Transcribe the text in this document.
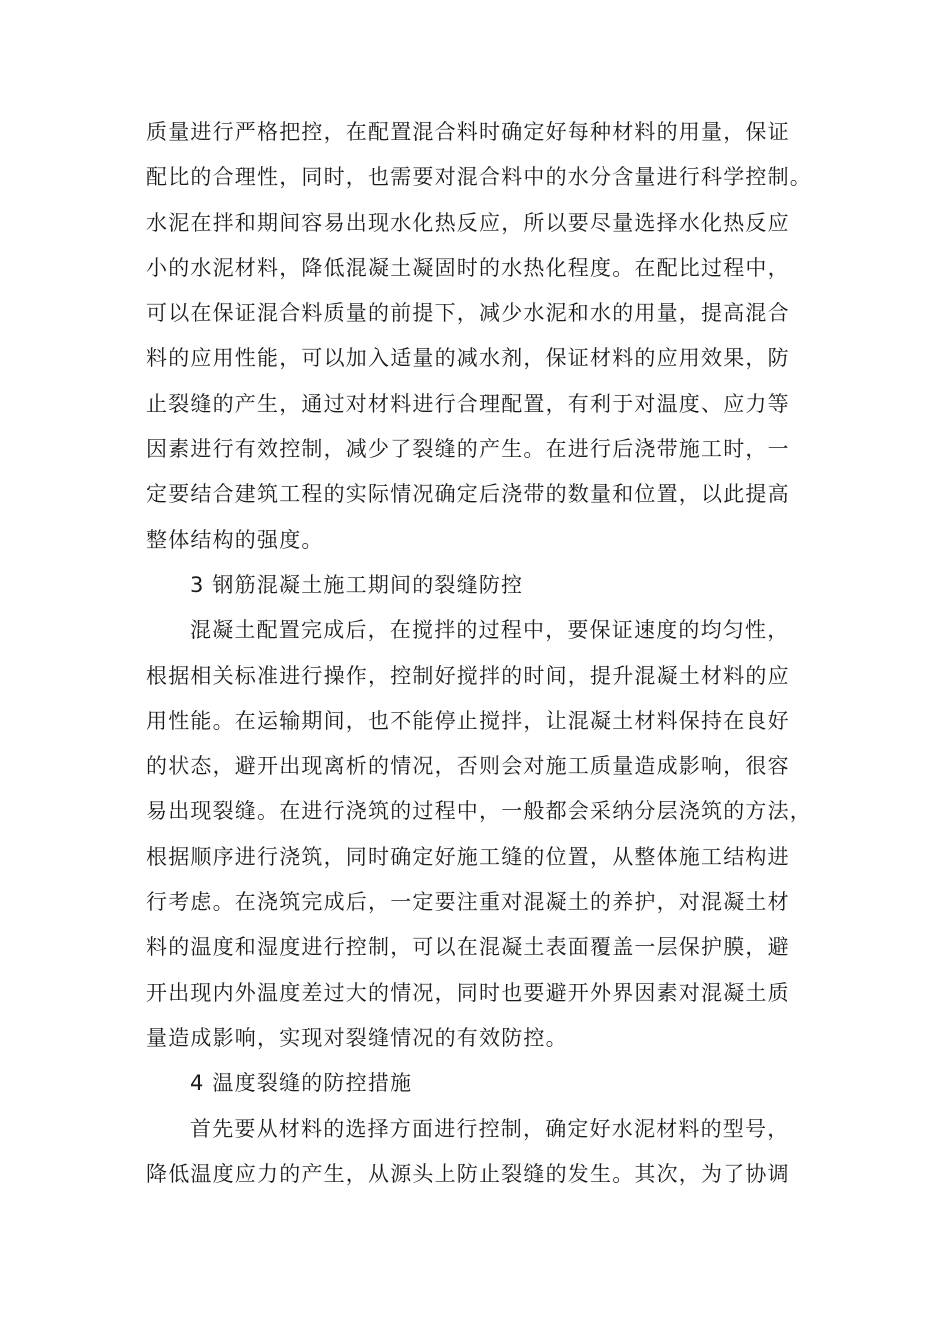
质量进行严格把控，在配置混合料时确定好每种材料的用量，保证
配比的合理性，同时，也需要对混合料中的水分含量进行科学控制。
水泥在拌和期间容易出现水化热反应，所以要尽量选择水化热反应
小的水泥材料，降低混凝土凝固时的水热化程度。在配比过程中，
可以在保证混合料质量的前提下，减少水泥和水的用量，提高混合
料的应用性能，可以加入适量的减水剂，保证材料的应用效果，防
止裂缝的产生，通过对材料进行合理配置，有利于对温度、应力等
因素进行有效控制，减少了裂缝的产生。在进行后浇带施工时，一
定要结合建筑工程的实际情况确定后浇带的数量和位置，以此提高
整体结构的强度。
3 钢筋混凝土施工期间的裂缝防控
混凝土配置完成后，在搅拌的过程中，要保证速度的均匀性，
根据相关标准进行操作，控制好搅拌的时间，提升混凝土材料的应
用性能。在运输期间，也不能停止搅拌，让混凝土材料保持在良好
的状态，避开出现离析的情况，否则会对施工质量造成影响，很容
易出现裂缝。在进行浇筑的过程中，一般都会采纳分层浇筑的方法，
根据顺序进行浇筑，同时确定好施工缝的位置，从整体施工结构进
行考虑。在浇筑完成后，一定要注重对混凝土的养护，对混凝土材
料的温度和湿度进行控制，可以在混凝土表面覆盖一层保护膜，避
开出现内外温度差过大的情况，同时也要避开外界因素对混凝土质
量造成影响，实现对裂缝情况的有效防控。
4 温度裂缝的防控措施
首先要从材料的选择方面进行控制，确定好水泥材料的型号，
降低温度应力的产生，从源头上防止裂缝的发生。其次，为了协调
